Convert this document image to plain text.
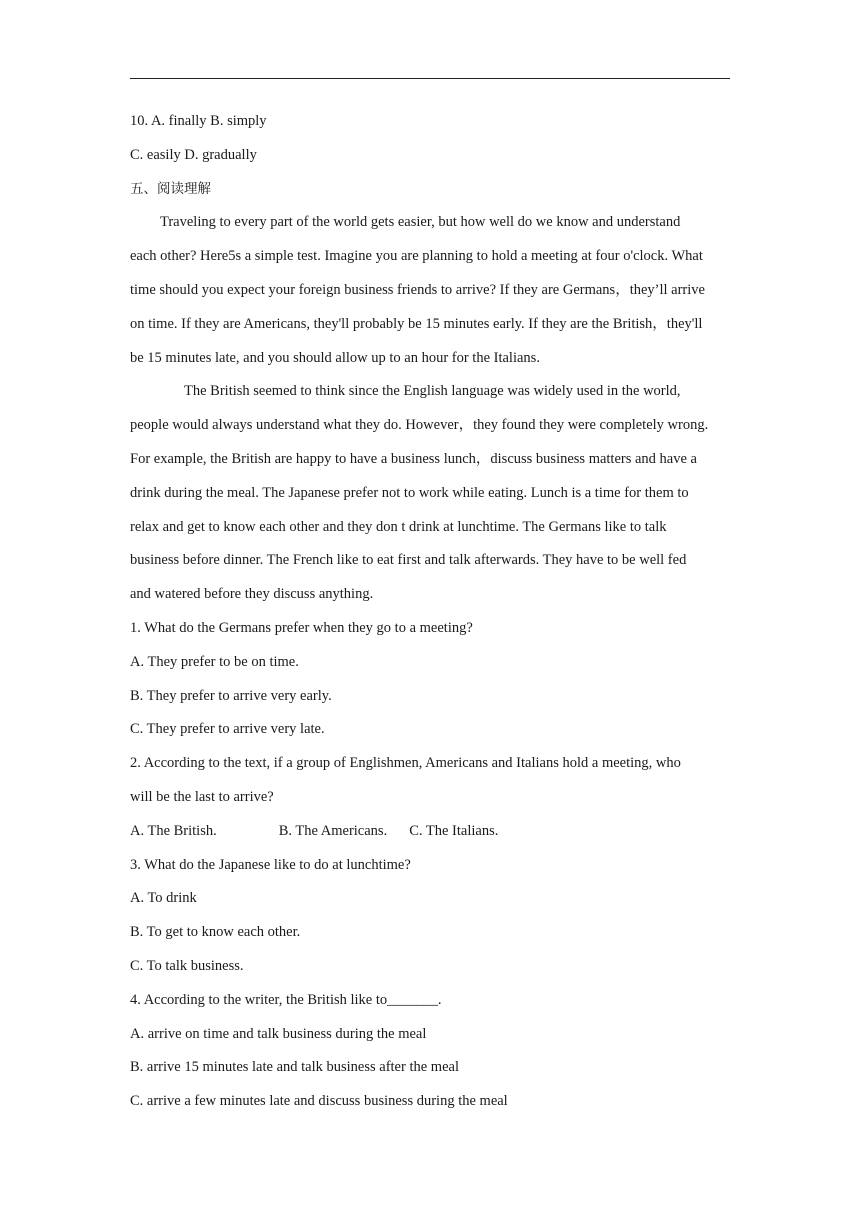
10. A. finally B. simply
C. easily D. gradually
五、阅读理解
Traveling to every part of the world gets easier, but how well do we know and understand
each other? Here5s a simple test. Imagine you are planning to hold a meeting at four o'clock. What
time should you expect your foreign business friends to arrive? If they are Germans，they’ll arrive
on time. If they are Americans, they'll probably be 15 minutes early. If they are the British，they'll
be 15 minutes late, and you should allow up to an hour for the Italians.
The British seemed to think since the English language was widely used in the world,
people would always understand what they do. However，they found they were completely wrong.
For example, the British are happy to have a business lunch，discuss business matters and have a
drink during the meal. The Japanese prefer not to work while eating. Lunch is a time for them to
relax and get to know each other and they don t drink at lunchtime. The Germans like to talk
business before dinner. The French like to eat first and talk afterwards. They have to be well fed
and watered before they discuss anything.
1. What do the Germans prefer when they go to a meeting?
A. They prefer to be on time.
B. They prefer to arrive very early.
C. They prefer to arrive very late.
2. According to the text, if a group of Englishmen, Americans and Italians hold a meeting, who
will be the last to arrive?
A. The British.	B. The Americans. C. The Italians.
3. What do the Japanese like to do at lunchtime?
A. To drink
B. To get to know each other.
C. To talk business.
4. According to the writer, the British like to_______.
A. arrive on time and talk business during the meal
B. arrive 15 minutes late and talk business after the meal
C. arrive a few minutes late and discuss business during the meal
